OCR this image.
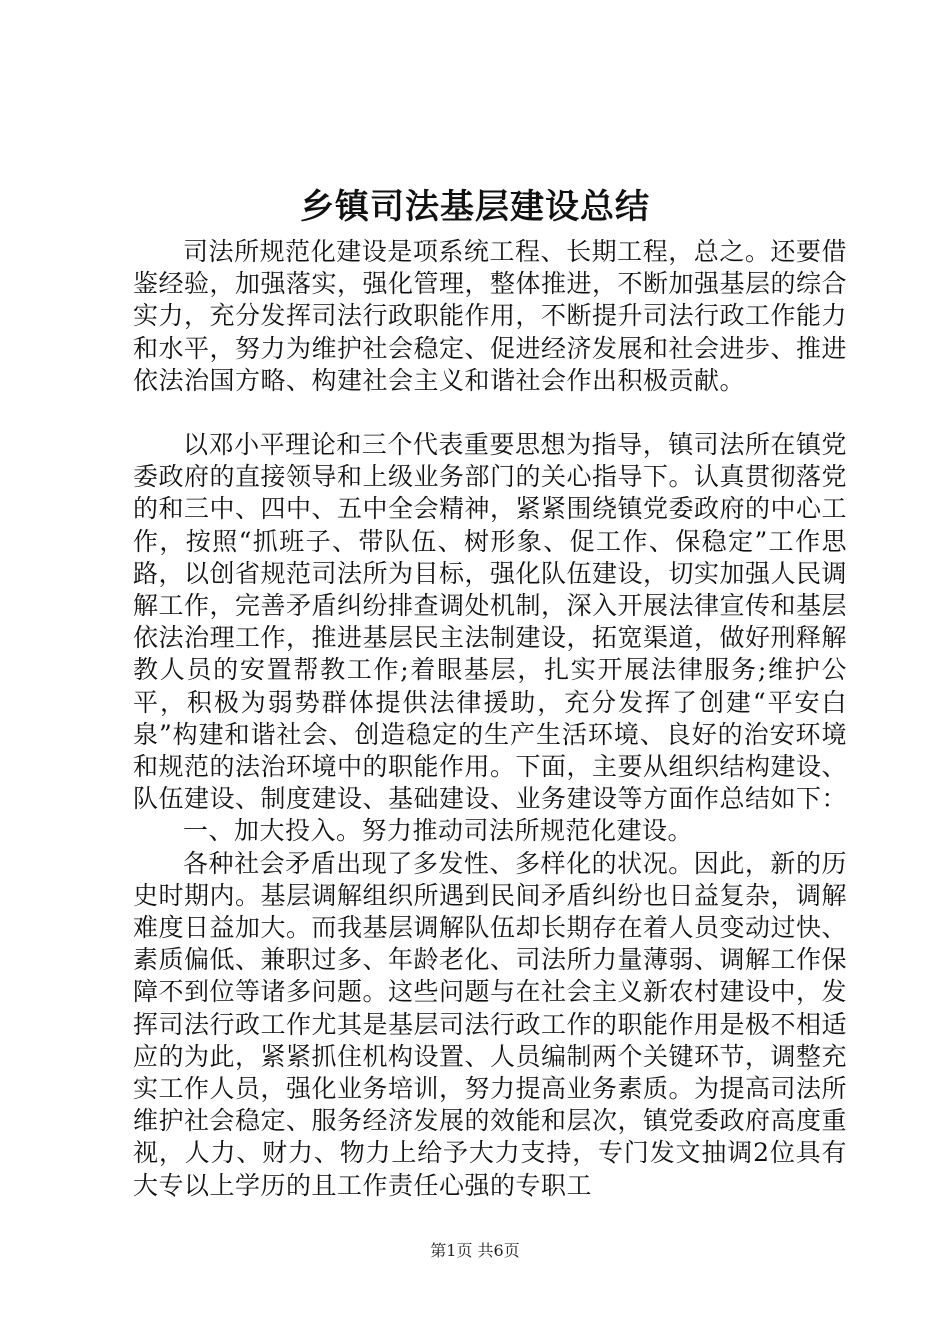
乡镇司法基层建设总结

司法所规范化建设是项系统工程、长期工程，总之。还要借鉴经验，加强落实，强化管理，整体推进，不断加强基层的综合实力，充分发挥司法行政职能作用，不断提升司法行政工作能力和水平，努力为维护社会稳定、促进经济发展和社会进步、推进依法治国方略、构建社会主义和谐社会作出积极贡献。

以邓小平理论和三个代表重要思想为指导，镇司法所在镇党委政府的直接领导和上级业务部门的关心指导下。认真贯彻落党的和三中、四中、五中全会精神，紧紧围绕镇党委政府的中心工作，按照“抓班子、带队伍、树形象、促工作、保稳定”工作思路，以创省规范司法所为目标，强化队伍建设，切实加强人民调解工作，完善矛盾纠纷排查调处机制，深入开展法律宣传和基层依法治理工作，推进基层民主法制建设，拓宽渠道，做好刑释解教人员的安置帮教工作;着眼基层，扎实开展法律服务;维护公平，积极为弱势群体提供法律援助，充分发挥了创建“平安白泉”构建和谐社会、创造稳定的生产生活环境、良好的治安环境和规范的法治环境中的职能作用。下面，主要从组织结构建设、队伍建设、制度建设、基础建设、业务建设等方面作总结如下：

一、加大投入。努力推动司法所规范化建设。

各种社会矛盾出现了多发性、多样化的状况。因此，新的历史时期内。基层调解组织所遇到民间矛盾纠纷也日益复杂，调解难度日益加大。而我基层调解队伍却长期存在着人员变动过快、素质偏低、兼职过多、年龄老化、司法所力量薄弱、调解工作保障不到位等诸多问题。这些问题与在社会主义新农村建设中，发挥司法行政工作尤其是基层司法行政工作的职能作用是极不相适应的为此，紧紧抓住机构设置、人员编制两个关键环节，调整充实工作人员，强化业务培训，努力提高业务素质。为提高司法所维护社会稳定、服务经济发展的效能和层次，镇党委政府高度重视，人力、财力、物力上给予大力支持，专门发文抽调2位具有大专以上学历的且工作责任心强的专职工

第1页 共6页
